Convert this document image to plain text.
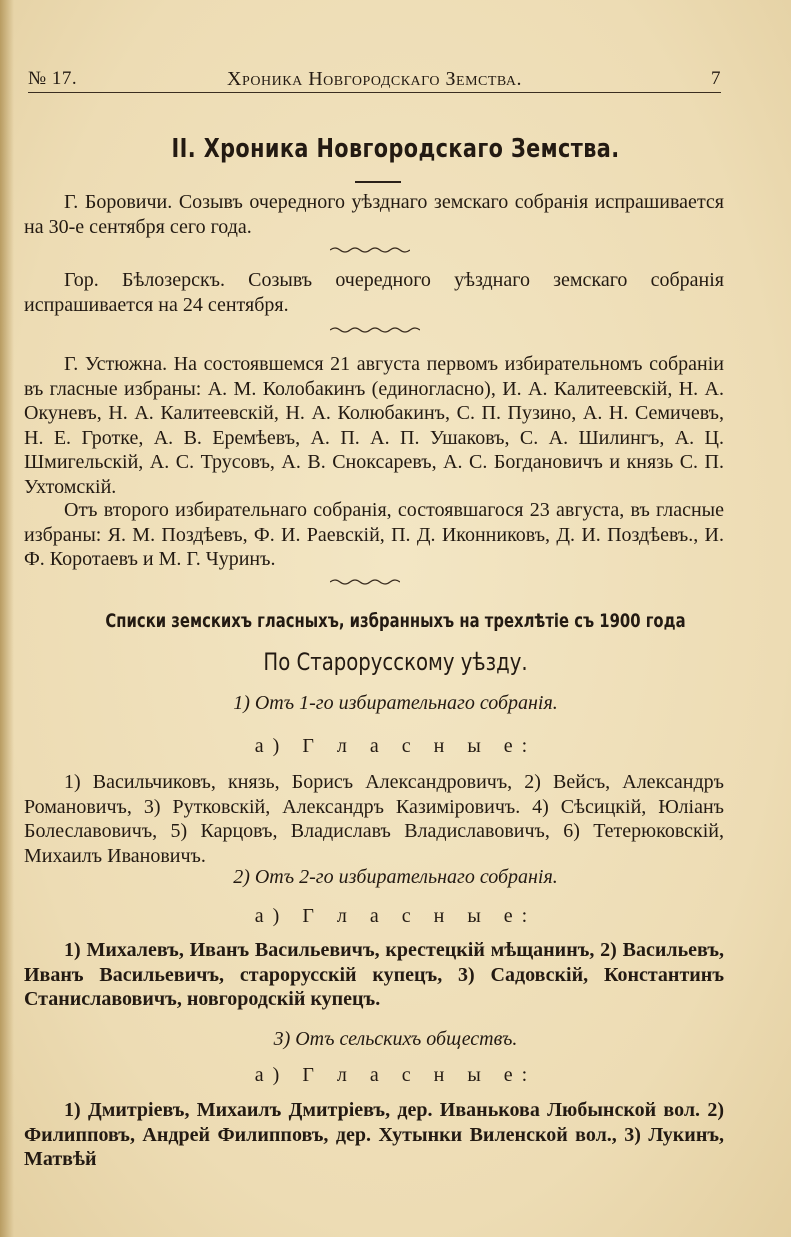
№ 17.	Хроника Новгородскаго Земства.	7
II. Хроника Новгородскаго Земства.
Г. Боровичи. Созывъ очередного уѣзднаго земскаго собранія испрашивается на 30-е сентября сего года.
Гор. Бѣлозерскъ. Созывъ очередного уѣзднаго земскаго собранія испрашивается на 24 сентября.
Г. Устюжна. На состоявшемся 21 августа первомъ избирательномъ собраніи въ гласные избраны: А. М. Колобакинъ (единогласно), И. А. Калитеевскій, Н. А. Окуневъ, Н. А. Калитеевскій, Н. А. Колюбакинъ, С. П. Пузино, А. Н. Семичевъ, Н. Е. Гротке, А. В. Еремѣевъ, А. П. А. П. Ушаковъ, С. А. Шилингъ, А. Ц. Шмигельскій, А. С. Трусовъ, А. В. Сноксаревъ, А. С. Богдановичъ и князь С. П. Ухтомскій.
Отъ второго избирательнаго собранія, состоявшагося 23 августа, въ гласные избраны: Я. М. Поздѣевъ, Ф. И. Раевскій, П. Д. Иконниковъ, Д. И. Поздѣевъ., И. Ф. Коротаевъ и М. Г. Чуринъ.
Списки земскихъ гласныхъ, избранныхъ на трехлѣтіе съ 1900 года
По Старорусскому уѣзду.
1) Отъ 1-го избирательнаго собранія.
а) Г л а с н ы е:
1) Васильчиковъ, князь, Борисъ Александровичъ, 2) Вейсъ, Александръ Романовичъ, 3) Рутковскій, Александръ Казиміровичъ. 4) Сѣсицкій, Юліанъ Болеславовичъ, 5) Карцовъ, Владиславъ Владиславовичъ, 6) Тетерюковскій, Михаилъ Ивановичъ.
2) Отъ 2-го избирательнаго собранія.
а) Г л а с н ы е:
1) Михалевъ, Иванъ Васильевичъ, крестецкій мѣщанинъ, 2) Васильевъ, Иванъ Васильевичъ, старорусскій купецъ, 3) Садовскій, Константинъ Станиславовичъ, новгородскій купецъ.
3) Отъ сельскихъ обществъ.
а) Г л а с н ы е:
1) Дмитріевъ, Михаилъ Дмитріевъ, дер. Иванькова Любынской вол. 2) Филипповъ, Андрей Филипповъ, дер. Хутынки Виленской вол., 3) Лукинъ, Матвѣй
